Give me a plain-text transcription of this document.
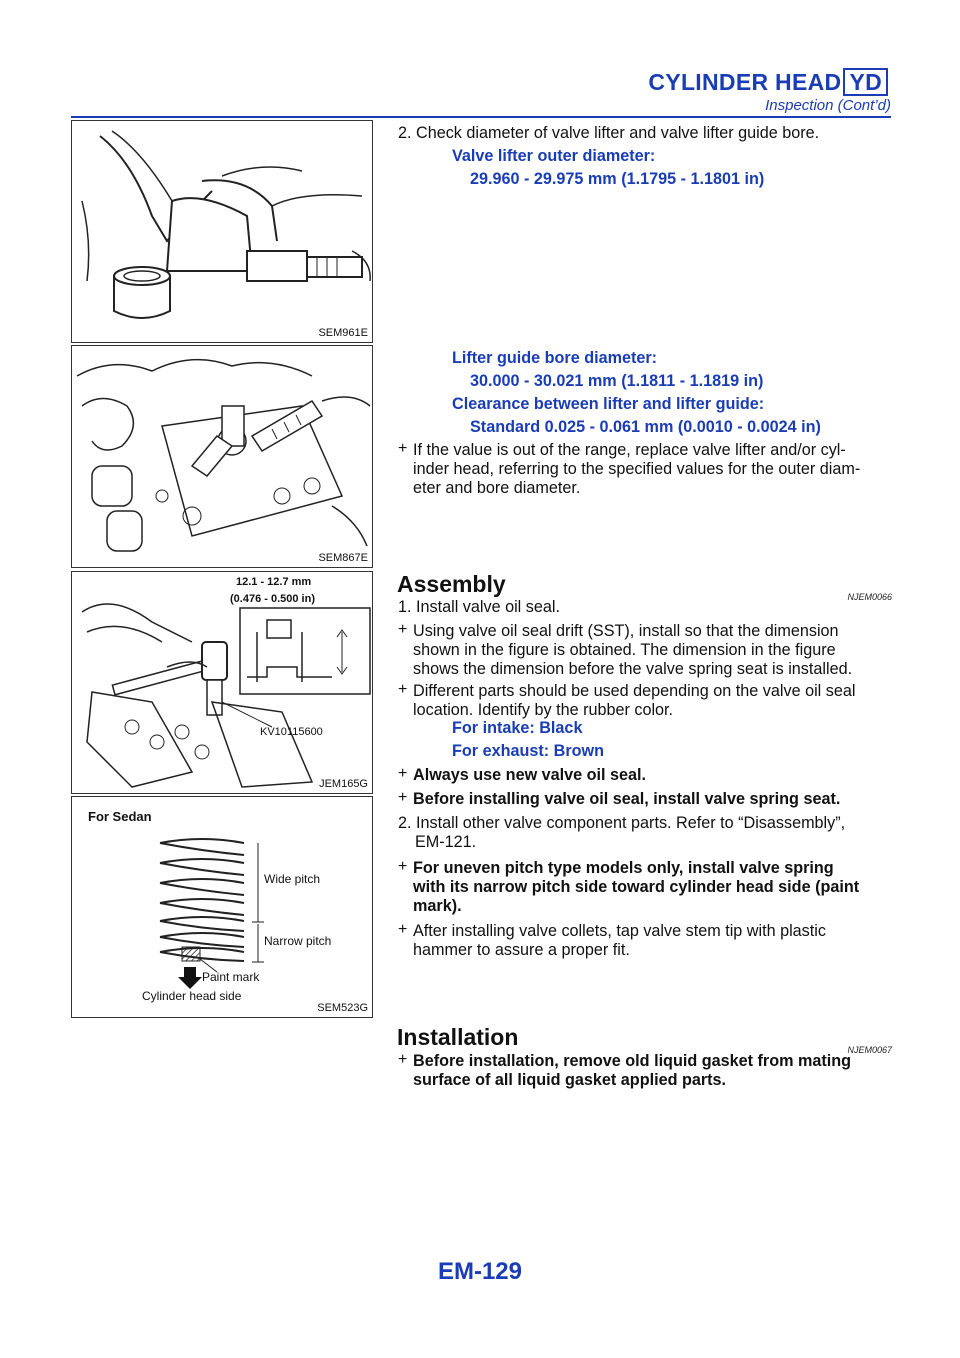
CYLINDER HEAD YD
Inspection (Cont’d)
SEM961E
SEM867E
12.1 - 12.7 mm
(0.476 - 0.500 in)
KV10115600
JEM165G
For Sedan
Wide pitch
Narrow pitch
Paint mark
Cylinder head side
SEM523G
2. Check diameter of valve lifter and valve lifter guide bore.
Valve lifter outer diameter:
29.960 - 29.975 mm (1.1795 - 1.1801 in)
Lifter guide bore diameter:
30.000 - 30.021 mm (1.1811 - 1.1819 in)
Clearance between lifter and lifter guide:
Standard 0.025 - 0.061 mm (0.0010 - 0.0024 in)
+ If the value is out of the range, replace valve lifter and/or cyl-
inder head, referring to the specified values for the outer diam-
eter and bore diameter.
Assembly	NJEM0066
1. Install valve oil seal.
+ Using valve oil seal drift (SST), install so that the dimension
shown in the figure is obtained. The dimension in the figure
shows the dimension before the valve spring seat is installed.
+ Different parts should be used depending on the valve oil seal
location. Identify by the rubber color.
For intake: Black
For exhaust: Brown
+ Always use new valve oil seal.
+ Before installing valve oil seal, install valve spring seat.
2. Install other valve component parts. Refer to “Disassembly”,
EM-121.
+ For uneven pitch type models only, install valve spring
with its narrow pitch side toward cylinder head side (paint
mark).
+ After installing valve collets, tap valve stem tip with plastic
hammer to assure a proper fit.
Installation	NJEM0067
+ Before installation, remove old liquid gasket from mating
surface of all liquid gasket applied parts.
EM-129
